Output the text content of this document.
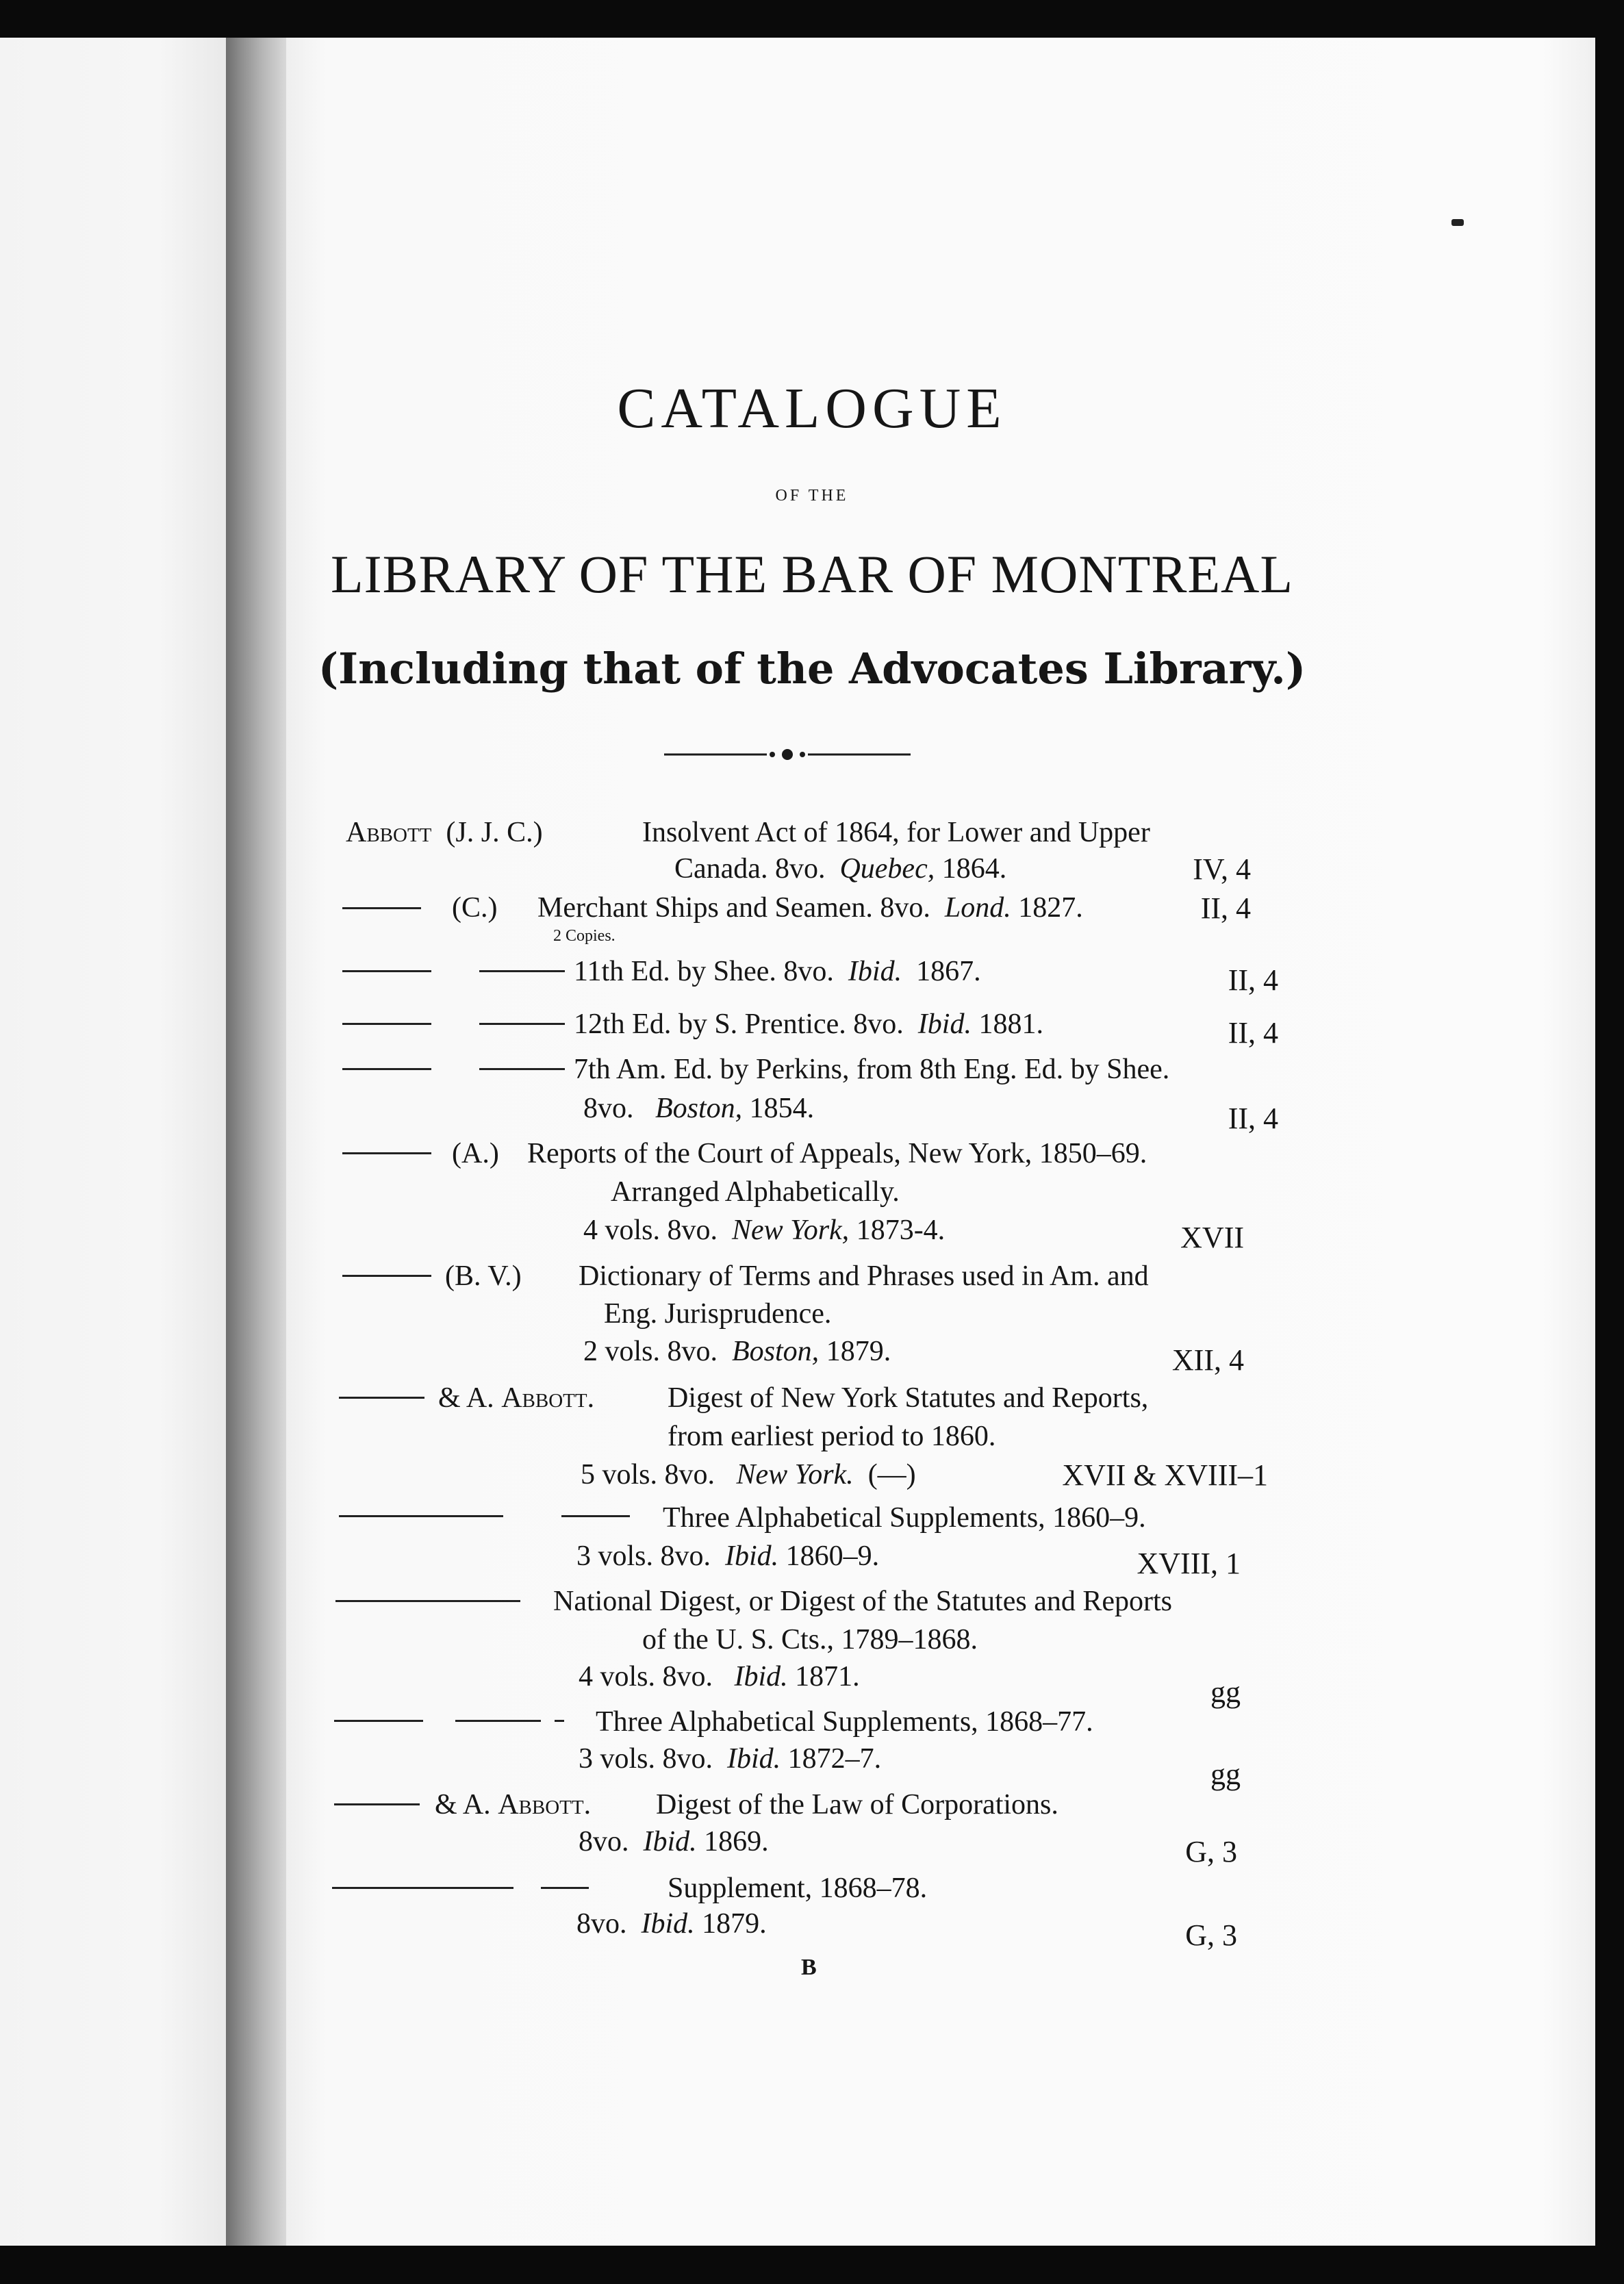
CATALOGUE
OF THE
LIBRARY OF THE BAR OF MONTREAL
(Including that of the Advocates Library.)
Abbott (J. J. C.)	Insolvent Act of 1864, for Lower and Upper
Canada. 8vo. Quebec, 1864.	IV, 4
(C.) Merchant Ships and Seamen. 8vo. Lond. 1827.	II, 4
2 Copies.
11th Ed. by Shee. 8vo. Ibid. 1867.	II, 4
12th Ed. by S. Prentice. 8vo. Ibid. 1881.	II, 4
7th Am. Ed. by Perkins, from 8th Eng. Ed. by Shee.
8vo. Boston, 1854.	II, 4
(A.) Reports of the Court of Appeals, New York, 1850–69.
Arranged Alphabetically.
4 vols. 8vo. New York, 1873-4.	XVII
(B. V.) Dictionary of Terms and Phrases used in Am. and
Eng. Jurisprudence.
2 vols. 8vo. Boston, 1879.	XII, 4
& A. Abbott.	Digest of New York Statutes and Reports,
from earliest period to 1860.
5 vols. 8vo. New York. (—)	XVII & XVIII–1
Three Alphabetical Supplements, 1860–9.
3 vols. 8vo. Ibid. 1860–9.	XVIII, 1
National Digest, or Digest of the Statutes and Reports
of the U. S. Cts., 1789–1868.
4 vols. 8vo. Ibid. 1871.	gg
Three Alphabetical Supplements, 1868–77.
3 vols. 8vo. Ibid. 1872–7.	gg
& A. Abbott. Digest of the Law of Corporations.
8vo. Ibid. 1869.	G, 3
Supplement, 1868–78.
8vo. Ibid. 1879.	G, 3
B
